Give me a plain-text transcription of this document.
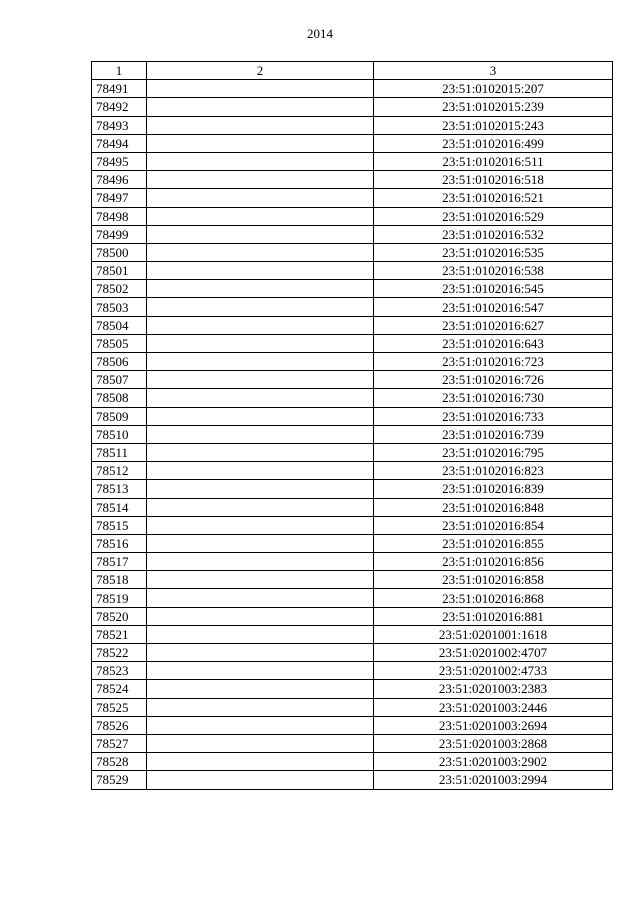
2014
1	2	3
78491		23:51:0102015:207
78492		23:51:0102015:239
78493		23:51:0102015:243
78494		23:51:0102016:499
78495		23:51:0102016:511
78496		23:51:0102016:518
78497		23:51:0102016:521
78498		23:51:0102016:529
78499		23:51:0102016:532
78500		23:51:0102016:535
78501		23:51:0102016:538
78502		23:51:0102016:545
78503		23:51:0102016:547
78504		23:51:0102016:627
78505		23:51:0102016:643
78506		23:51:0102016:723
78507		23:51:0102016:726
78508		23:51:0102016:730
78509		23:51:0102016:733
78510		23:51:0102016:739
78511		23:51:0102016:795
78512		23:51:0102016:823
78513		23:51:0102016:839
78514		23:51:0102016:848
78515		23:51:0102016:854
78516		23:51:0102016:855
78517		23:51:0102016:856
78518		23:51:0102016:858
78519		23:51:0102016:868
78520		23:51:0102016:881
78521		23:51:0201001:1618
78522		23:51:0201002:4707
78523		23:51:0201002:4733
78524		23:51:0201003:2383
78525		23:51:0201003:2446
78526		23:51:0201003:2694
78527		23:51:0201003:2868
78528		23:51:0201003:2902
78529		23:51:0201003:2994
